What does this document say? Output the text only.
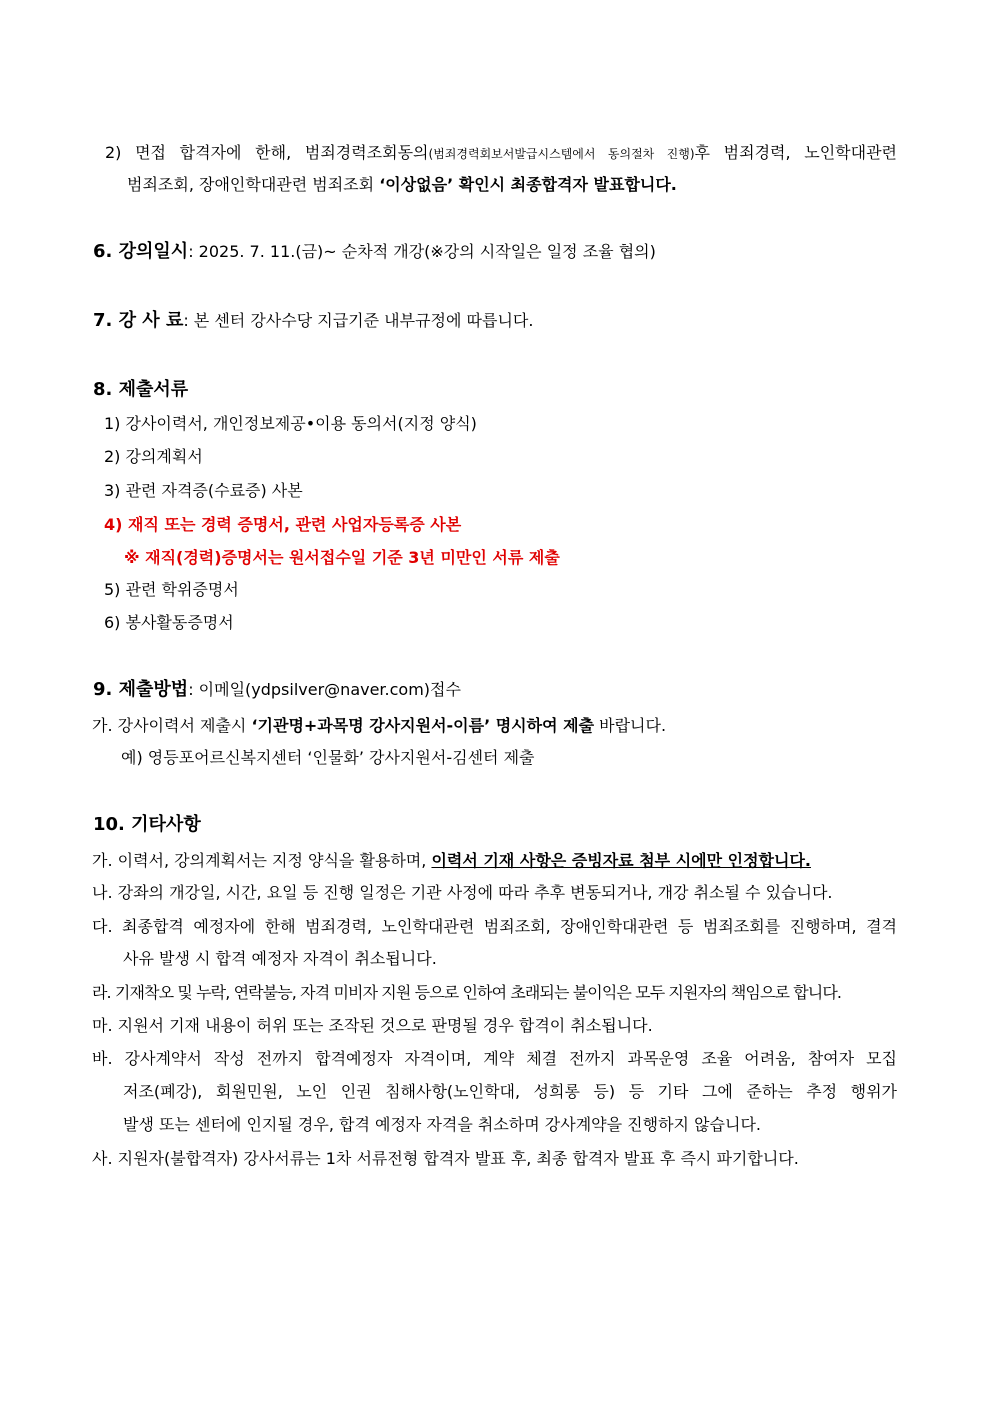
2) 면접 합격자에 한해, 범죄경력조회동의(범죄경력회보서발급시스템에서 동의절차 진행)후 범죄경력, 노인학대관련
범죄조회, 장애인학대관련 범죄조회 ‘이상없음’ 확인시 최종합격자 발표합니다.
6. 강의일시: 2025. 7. 11.(금)~ 순차적 개강(※강의 시작일은 일정 조율 협의)
7. 강 사 료: 본 센터 강사수당 지급기준 내부규정에 따릅니다.
8. 제출서류
1) 강사이력서, 개인정보제공•이용 동의서(지정 양식)
2) 강의계획서
3) 관련 자격증(수료증) 사본
4) 재직 또는 경력 증명서, 관련 사업자등록증 사본
※ 재직(경력)증명서는 원서접수일 기준 3년 미만인 서류 제출
5) 관련 학위증명서
6) 봉사활동증명서
9. 제출방법: 이메일(ydpsilver@naver.com)접수
가. 강사이력서 제출시 ‘기관명+과목명 강사지원서-이름’ 명시하여 제출 바랍니다.
예) 영등포어르신복지센터 ‘인물화’ 강사지원서-김센터 제출
10. 기타사항
가. 이력서, 강의계획서는 지정 양식을 활용하며, 이력서 기재 사항은 증빙자료 첨부 시에만 인정합니다.
나. 강좌의 개강일, 시간, 요일 등 진행 일정은 기관 사정에 따라 추후 변동되거나, 개강 취소될 수 있습니다.
다. 최종합격 예정자에 한해 범죄경력, 노인학대관련 범죄조회, 장애인학대관련 등 범죄조회를 진행하며, 결격
사유 발생 시 합격 예정자 자격이 취소됩니다.
라. 기재착오 및 누락, 연락불능, 자격 미비자 지원 등으로 인하여 초래되는 불이익은 모두 지원자의 책임으로 합니다.
마. 지원서 기재 내용이 허위 또는 조작된 것으로 판명될 경우 합격이 취소됩니다.
바. 강사계약서 작성 전까지 합격예정자 자격이며, 계약 체결 전까지 과목운영 조율 어려움, 참여자 모집
저조(폐강), 회원민원, 노인 인권 침해사항(노인학대, 성희롱 등) 등 기타 그에 준하는 추정 행위가
발생 또는 센터에 인지될 경우, 합격 예정자 자격을 취소하며 강사계약을 진행하지 않습니다.
사. 지원자(불합격자) 강사서류는 1차 서류전형 합격자 발표 후, 최종 합격자 발표 후 즉시 파기합니다.
